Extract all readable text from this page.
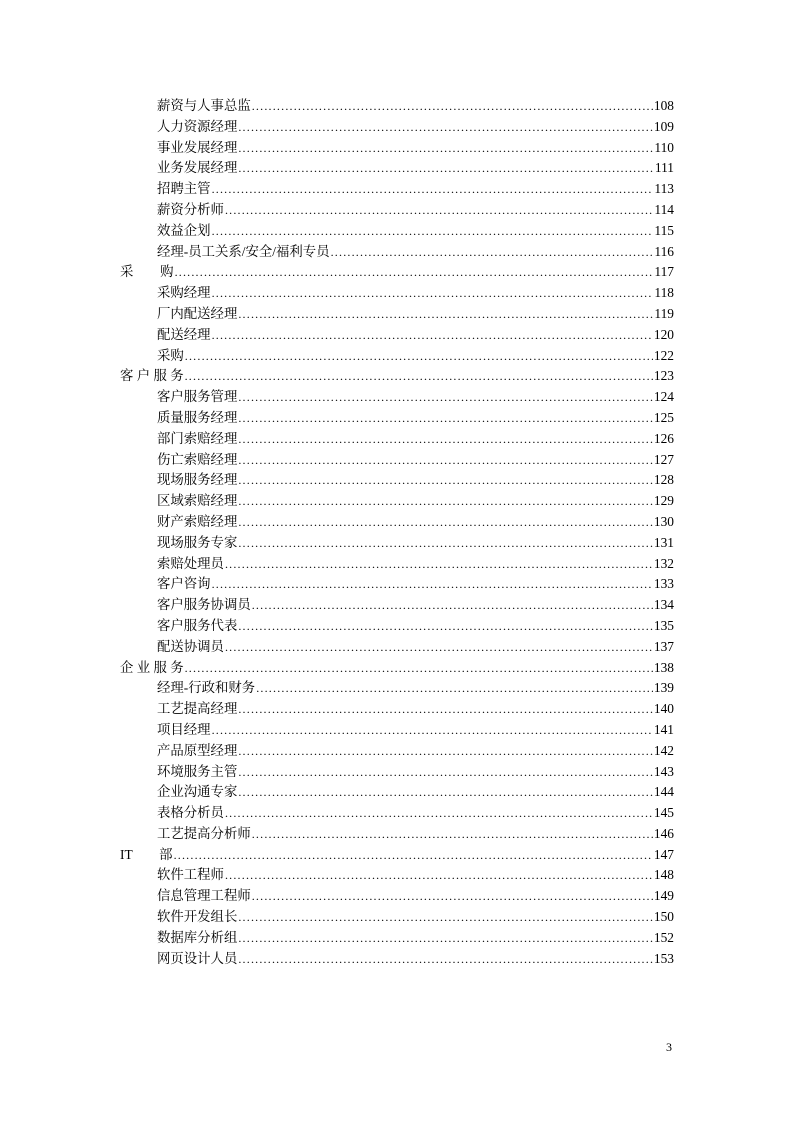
薪资与人事总监 .....	108
人力资源经理 .....	109
事业发展经理 .....	110
业务发展经理 .....	111
招聘主管 .....	113
薪资分析师 .....	114
效益企划 .....	115
经理-员工关系/安全/福利专员 .....	116
采　　购 .....	117
采购经理 .....	118
厂内配送经理 .....	119
配送经理 .....	120
采购 .....	122
客 户 服 务 .....	123
客户服务管理 .....	124
质量服务经理 .....	125
部门索赔经理 .....	126
伤亡索赔经理 .....	127
现场服务经理 .....	128
区域索赔经理 .....	129
财产索赔经理 .....	130
现场服务专家 .....	131
索赔处理员 .....	132
客户咨询 .....	133
客户服务协调员 .....	134
客户服务代表 .....	135
配送协调员 .....	137
企 业 服 务 .....	138
经理-行政和财务 .....	139
工艺提高经理 .....	140
项目经理 .....	141
产品原型经理 .....	142
环境服务主管 .....	143
企业沟通专家 .....	144
表格分析员 .....	145
工艺提高分析师 .....	146
IT　　部 .....	147
软件工程师 .....	148
信息管理工程师 .....	149
软件开发组长 .....	150
数据库分析组 .....	152
网页设计人员 .....	153
3
